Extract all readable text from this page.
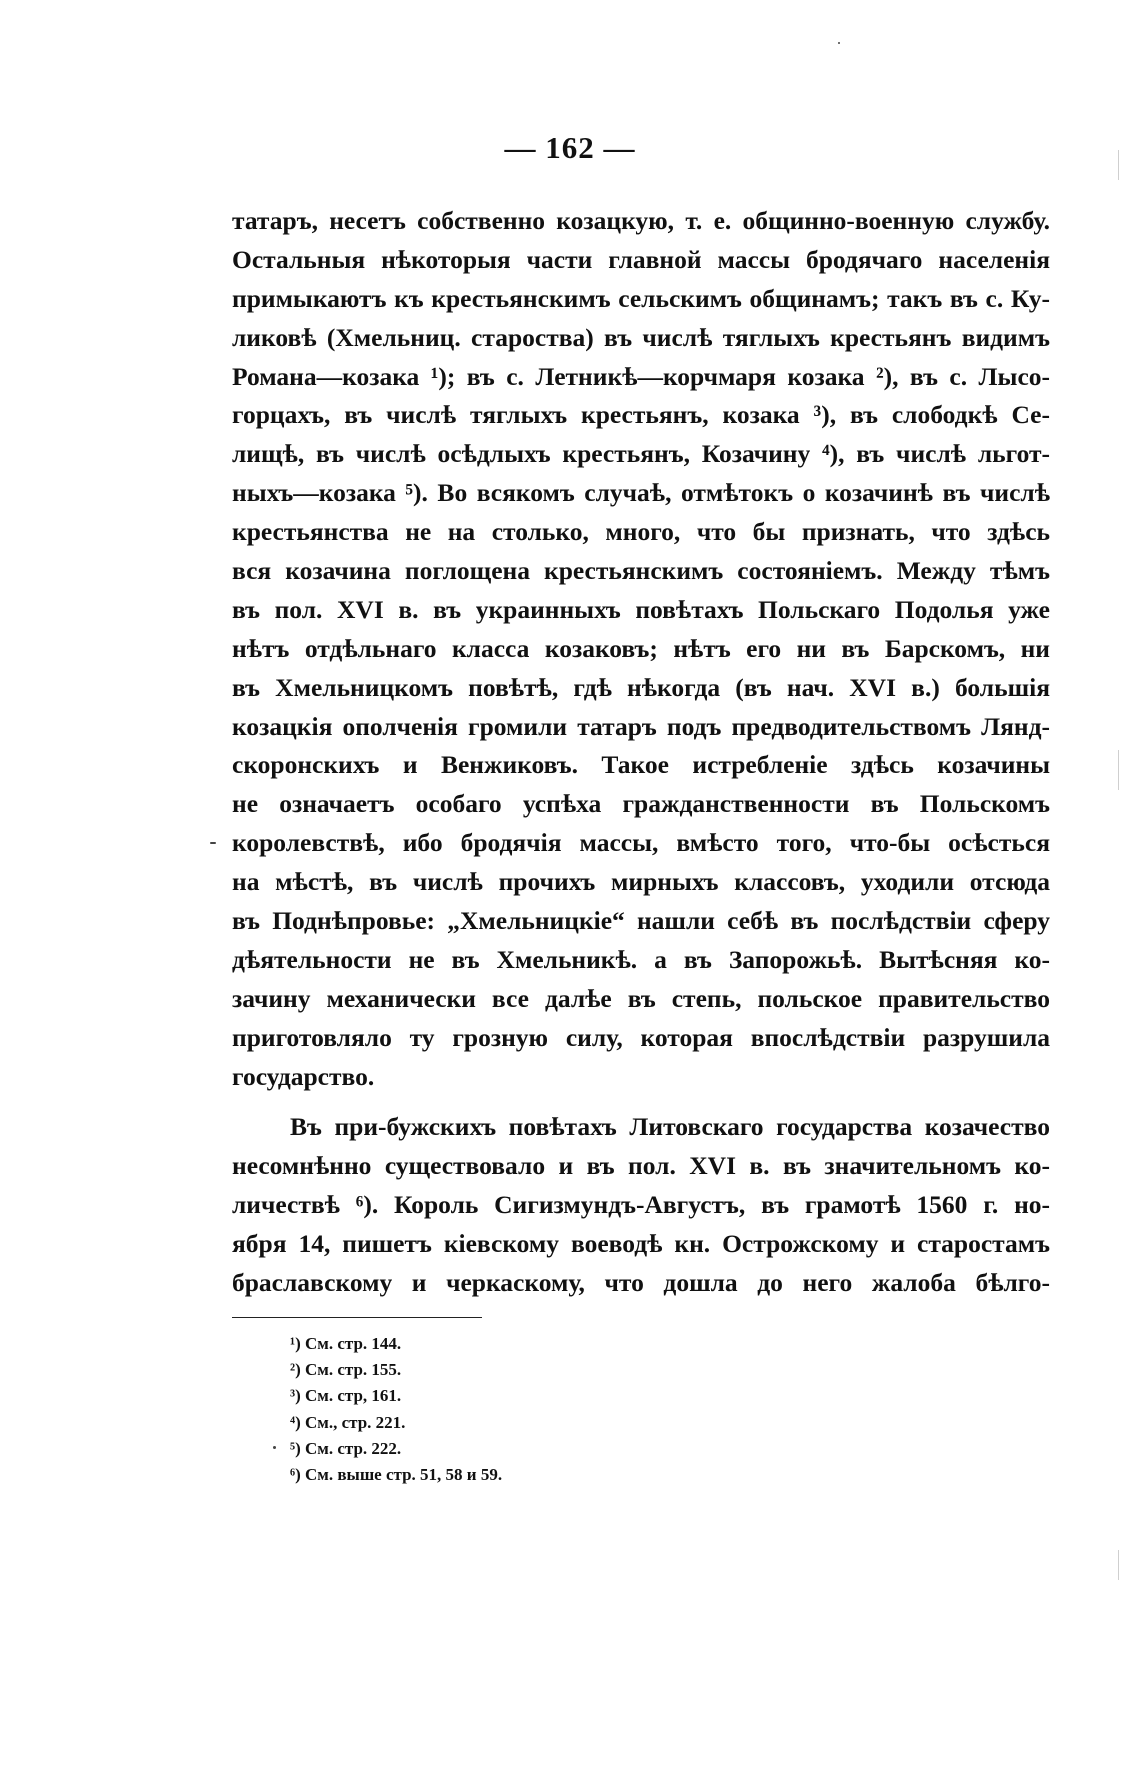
— 162 —
татаръ, несетъ собственно козацкую, т. е. общинно-военную службу.
Остальныя нѣкоторыя части главной массы бродячаго населенія
примыкаютъ къ крестьянскимъ сельскимъ общинамъ; такъ въ с. Ку-
ликовѣ (Хмельниц. староства) въ числѣ тяглыхъ крестьянъ видимъ
Романа—козака ¹); въ с. Летникѣ—корчмаря козака ²), въ с. Лысо-
горцахъ, въ числѣ тяглыхъ крестьянъ, козака ³), въ слободкѣ Се-
лищѣ, въ числѣ осѣдлыхъ крестьянъ, Козачину ⁴), въ числѣ льгот-
ныхъ—козака ⁵). Во всякомъ случаѣ, отмѣтокъ о козачинѣ въ числѣ
крестьянства не на столько, много, что бы признать, что здѣсь
вся козачина поглощена крестьянскимъ состояніемъ. Между тѣмъ
въ пол. XVI в. въ украинныхъ повѣтахъ Польскаго Подолья уже
нѣтъ отдѣльнаго класса козаковъ; нѣтъ его ни въ Барскомъ, ни
въ Хмельницкомъ повѣтѣ, гдѣ нѣкогда (въ нач. XVI в.) большія
козацкія ополченія громили татаръ подъ предводительствомъ Лянд-
скоронскихъ и Венжиковъ. Такое истребленіе здѣсь козачины
не означаетъ особаго успѣха гражданственности въ Польскомъ
королевствѣ, ибо бродячія массы, вмѣсто того, что-бы осѣсться
на мѣстѣ, въ числѣ прочихъ мирныхъ классовъ, уходили отсюда
въ Поднѣпровье: „Хмельницкіе“ нашли себѣ въ послѣдствіи сферу
дѣятельности не въ Хмельникѣ. а въ Запорожьѣ. Вытѣсняя ко-
зачину механически все далѣе въ степь, польское правительство
приготовляло ту грозную силу, которая впослѣдствіи разрушила
государство.
Въ при-бужскихъ повѣтахъ Литовскаго государства козачество
несомнѣнно существовало и въ пол. XVI в. въ значительномъ ко-
личествѣ ⁶). Король Сигизмундъ-Августъ, въ грамотѣ 1560 г. но-
ября 14, пишетъ кіевскому воеводѣ кн. Острожскому и старостамъ
браславскому и черкаскому, что дошла до него жалоба бѣлго-
¹) См. стр. 144.
²) См. стр. 155.
³) См. стр, 161.
⁴) См., стр. 221.
⁵) См. стр. 222.
⁶) См. выше стр. 51, 58 и 59.
